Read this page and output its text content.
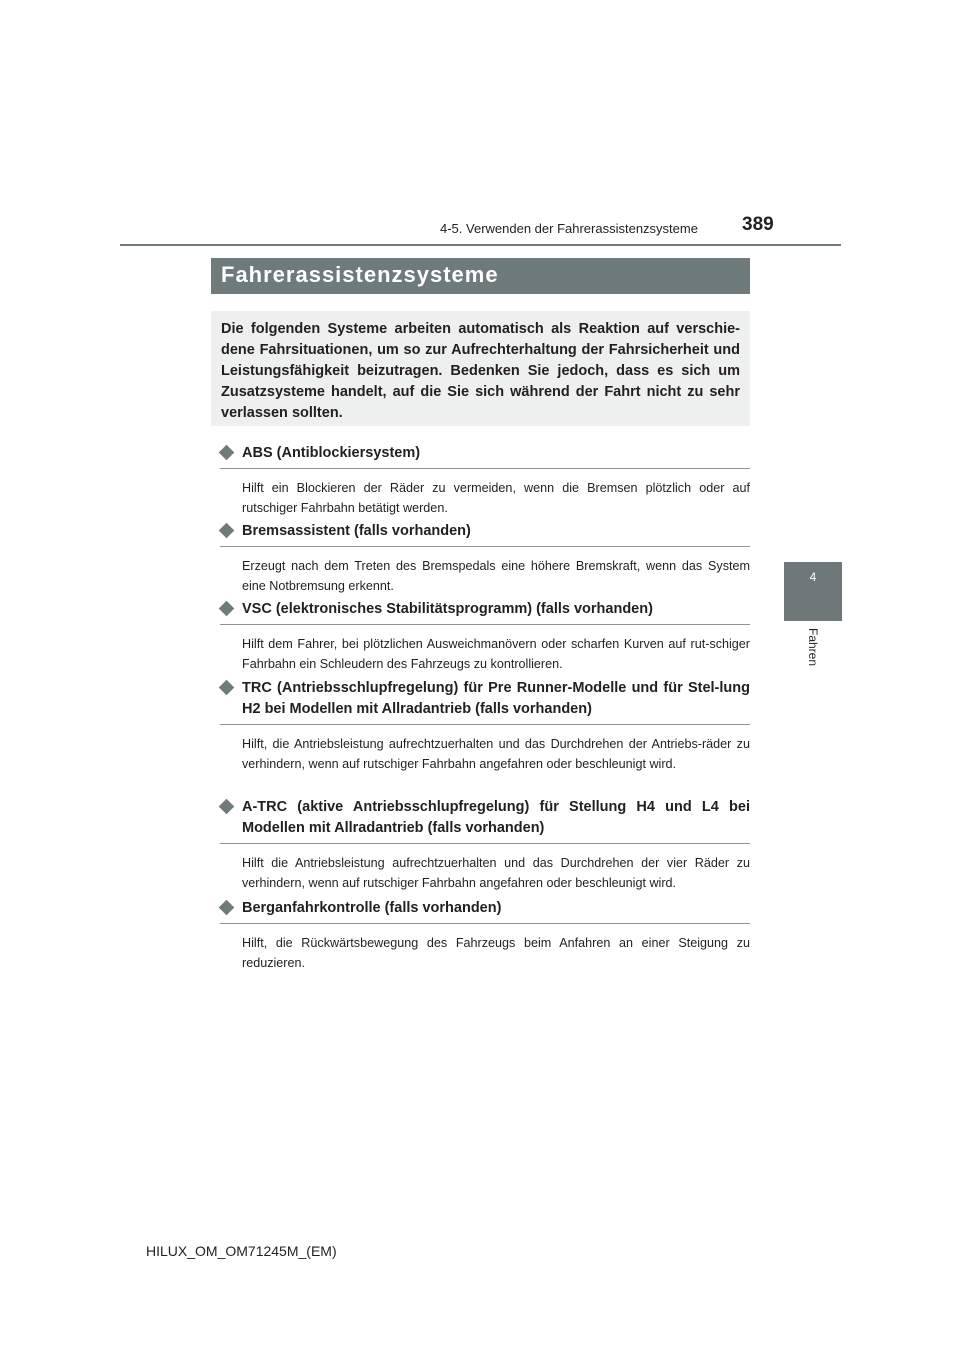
4-5. Verwenden der Fahrerassistenzsysteme 389
4
Fahren
Fahrerassistenzsysteme

Die folgenden Systeme arbeiten automatisch als Reaktion auf verschie-dene Fahrsituationen, um so zur Aufrechterhaltung der Fahrsicherheit und Leistungsfähigkeit beizutragen. Bedenken Sie jedoch, dass es sich um Zusatzsysteme handelt, auf die Sie sich während der Fahrt nicht zu sehr verlassen sollten.

ABS (Antiblockiersystem)
Hilft ein Blockieren der Räder zu vermeiden, wenn die Bremsen plötzlich oder auf rutschiger Fahrbahn betätigt werden.
Bremsassistent (falls vorhanden)
Erzeugt nach dem Treten des Bremspedals eine höhere Bremskraft, wenn das System eine Notbremsung erkennt.
VSC (elektronisches Stabilitätsprogramm) (falls vorhanden)
Hilft dem Fahrer, bei plötzlichen Ausweichmanövern oder scharfen Kurven auf rut-schiger Fahrbahn ein Schleudern des Fahrzeugs zu kontrollieren.
TRC (Antriebsschlupfregelung) für Pre Runner-Modelle und für Stel-lung H2 bei Modellen mit Allradantrieb (falls vorhanden)
Hilft, die Antriebsleistung aufrechtzuerhalten und das Durchdrehen der Antriebs-räder zu verhindern, wenn auf rutschiger Fahrbahn angefahren oder beschleunigt wird.
A-TRC (aktive Antriebsschlupfregelung) für Stellung H4 und L4 bei Modellen mit Allradantrieb (falls vorhanden)
Hilft die Antriebsleistung aufrechtzuerhalten und das Durchdrehen der vier Räder zu verhindern, wenn auf rutschiger Fahrbahn angefahren oder beschleunigt wird.
Berganfahrkontrolle (falls vorhanden)
Hilft, die Rückwärtsbewegung des Fahrzeugs beim Anfahren an einer Steigung zu reduzieren.
HILUX_OM_OM71245M_(EM)
